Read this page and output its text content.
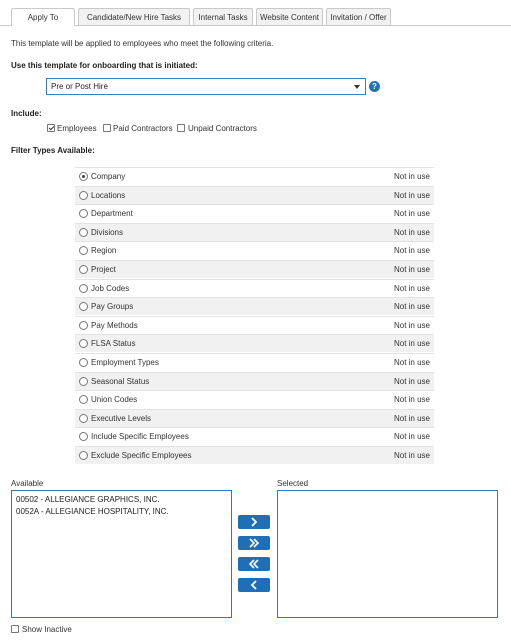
Apply To	Candidate/New Hire Tasks	Internal Tasks	Website Content	Invitation / Offer
This template will be applied to employees who meet the following criteria.
Use this template for onboarding that is initiated:
Pre or Post Hire	?
Include:
Employees Paid Contractors Unpaid Contractors
Filter Types Available:
Company	Not in use
Locations	Not in use
Department	Not in use
Divisions	Not in use
Region	Not in use
Project	Not in use
Job Codes	Not in use
Pay Groups	Not in use
Pay Methods	Not in use
FLSA Status	Not in use
Employment Types	Not in use
Seasonal Status	Not in use
Union Codes	Not in use
Executive Levels	Not in use
Include Specific Employees	Not in use
Exclude Specific Employees	Not in use
Available
00502 - ALLEGIANCE GRAPHICS, INC.
0052A - ALLEGIANCE HOSPITALITY, INC.
Selected
Show Inactive
